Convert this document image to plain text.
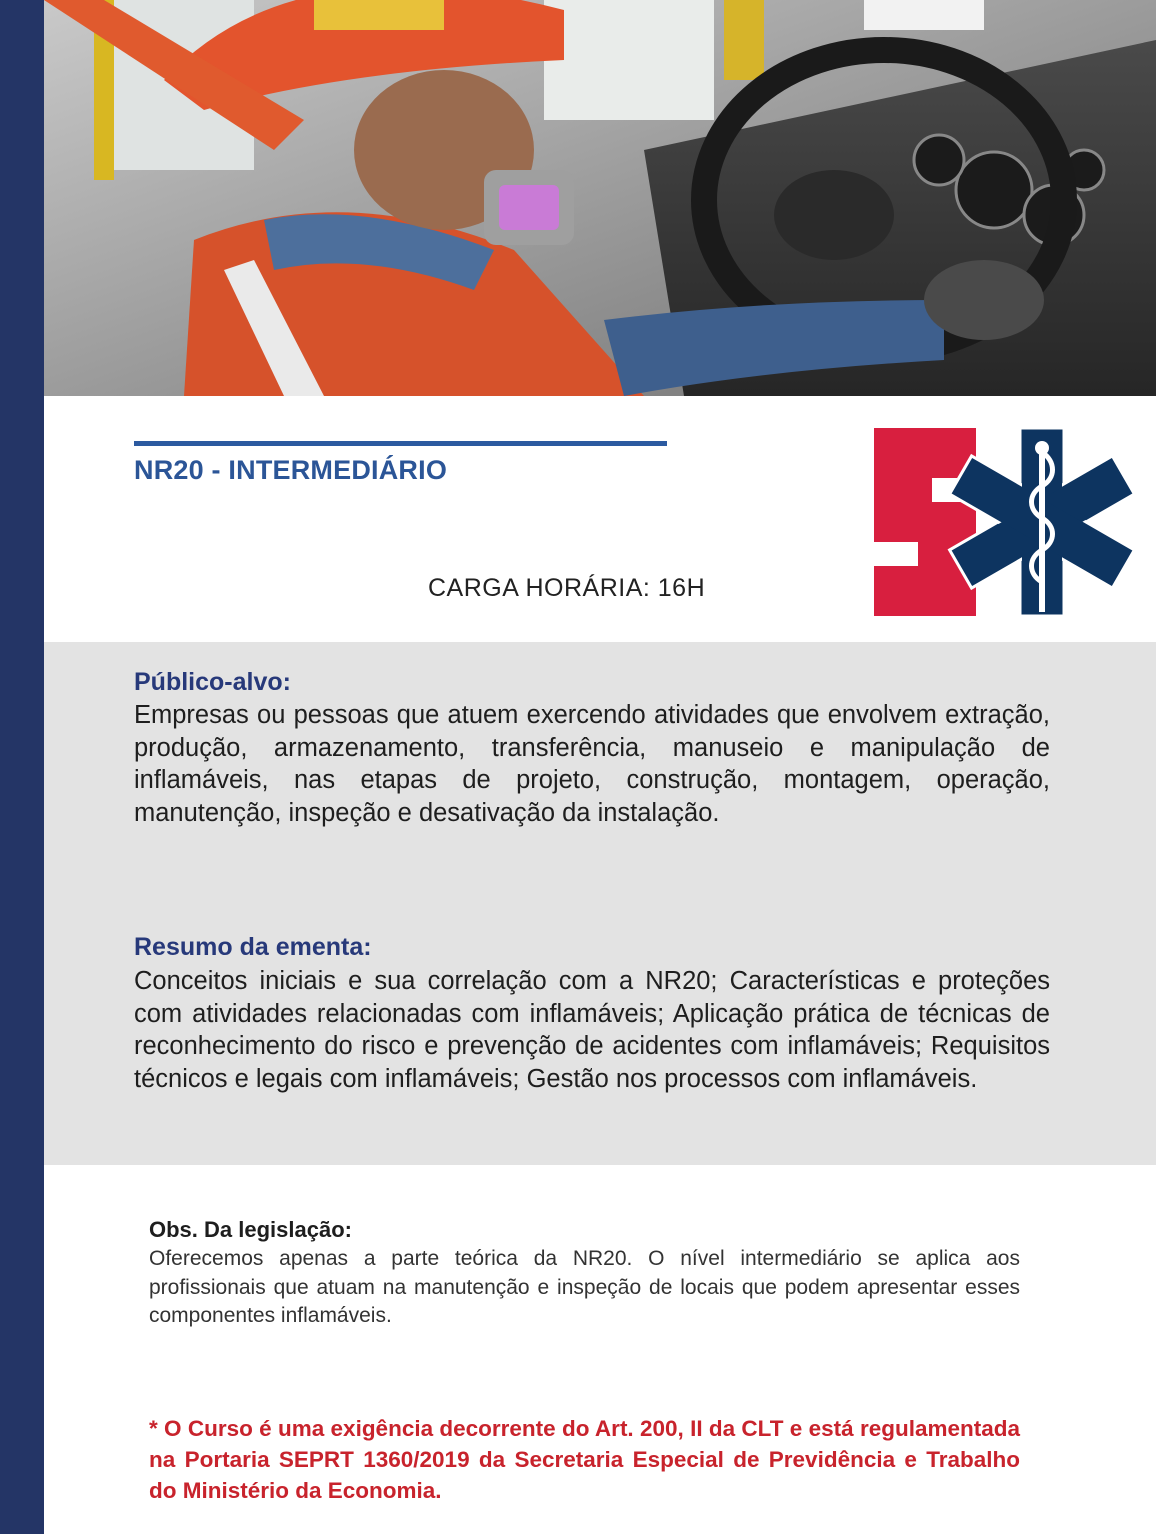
NR20 - INTERMEDIÁRIO
CARGA HORÁRIA: 16H
Público-alvo:
Empresas ou pessoas que atuem exercendo atividades que envolvem extração, produção, armazenamento, transferência, manuseio e manipulação de inflamáveis, nas etapas de projeto, construção, montagem, operação, manutenção, inspeção e desativação da instalação.
Resumo da ementa:
Conceitos iniciais e sua correlação com a NR20; Características e proteções com atividades relacionadas com inflamáveis; Aplicação prática de técnicas de reconhecimento do risco e prevenção de acidentes com inflamáveis; Requisitos técnicos e legais com inflamáveis; Gestão nos processos com inflamáveis.
Obs. Da legislação:
Oferecemos apenas a parte teórica da NR20. O nível intermediário se aplica aos profissionais que atuam na manutenção e inspeção de locais que podem apresentar esses componentes inflamáveis.
* O Curso é uma exigência decorrente do Art. 200, II da CLT e está regulamentada na Portaria SEPRT 1360/2019 da Secretaria Especial de Previdência e Trabalho do Ministério da Economia.
